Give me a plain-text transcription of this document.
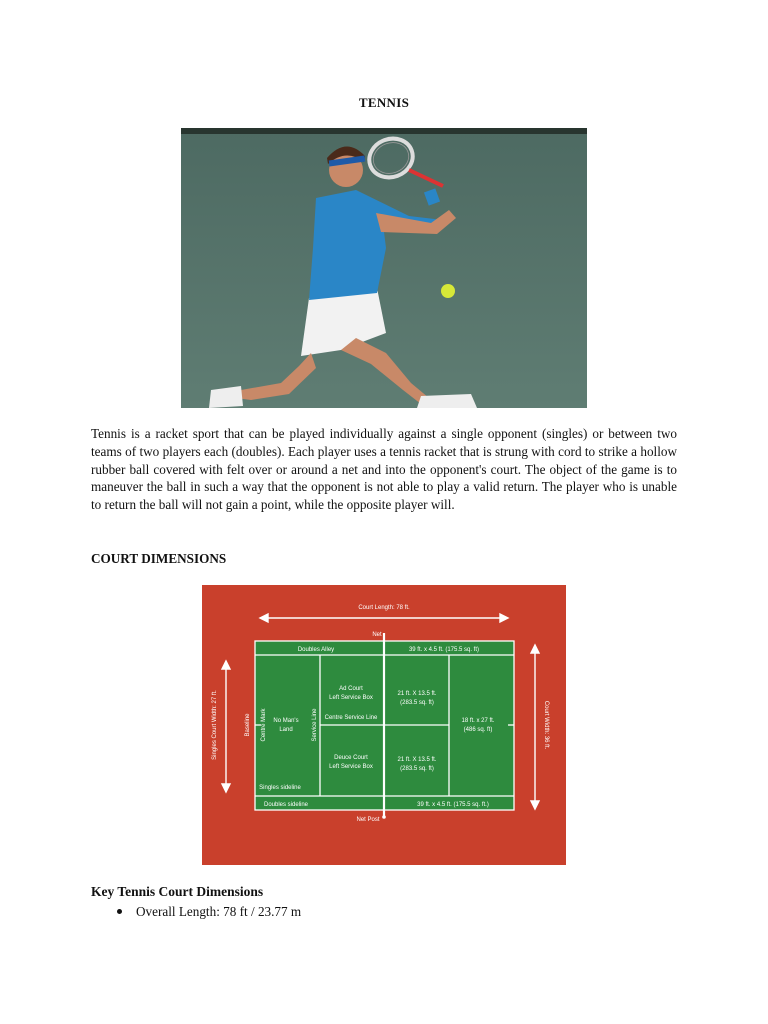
TENNIS
Tennis is a racket sport that can be played individually against a single opponent (singles) or between two teams of two players each (doubles). Each player uses a tennis racket that is strung with cord to strike a hollow rubber ball covered with felt over or around a net and into the opponent's court. The object of the game is to maneuver the ball in such a way that the opponent is not able to play a valid return. The player who is unable to return the ball will not gain a point, while the opposite player will.
COURT DIMENSIONS
Court Length: 78 ft.
Net
Doubles Alley	39 ft. x 4.5 ft. (175.5 sq. ft)
Ad Court
Left Service Box
Centre Service Line
Deuce Court
Left Service Box
21 ft. X 13.5 ft.
(283.5 sq. ft)
21 ft. X 13.5 ft.
(283.5 sq. ft)
18 ft. x 27 ft.
(486 sq. ft)
No Man's
Land
Singles sideline
Doubles sideline	39 ft. x 4.5 ft. (175.5 sq. ft.)
Net Post
Centre Mark
Baseline	Service Line
Singles Court Width: 27 ft.	Court Width: 36 ft.
Key Tennis Court Dimensions
Overall Length: 78 ft / 23.77 m
